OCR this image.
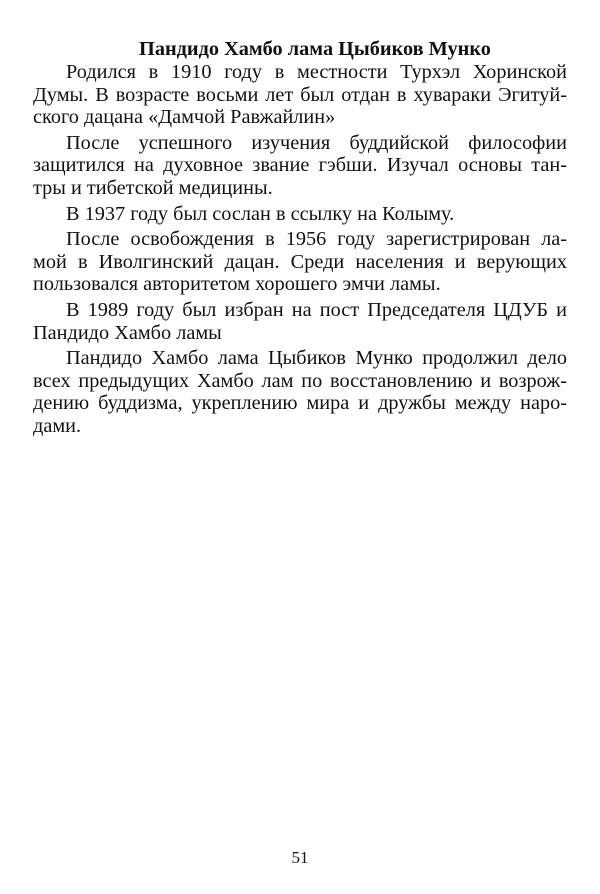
Пандидо Хамбо лама Цыбиков Мунко
Родился в 1910 году в местности Турхэл Хоринской
Думы. В возрасте восьми лет был отдан в хувараки Эгитуй-
ского дацана «Дамчой Равжайлин»
После успешного изучения буддийской философии
защитился на духовное звание гэбши. Изучал основы тан-
тры и тибетской медицины.
В 1937 году был сослан в ссылку на Колыму.
После освобождения в 1956 году зарегистрирован ла-
мой в Иволгинский дацан. Среди населения и верующих
пользовался авторитетом хорошего эмчи ламы.
В 1989 году был избран на пост Председателя ЦДУБ и
Пандидо Хамбо ламы
Пандидо Хамбо лама Цыбиков Мунко продолжил дело
всех предыдущих Хамбо лам по восстановлению и возрож-
дению буддизма, укреплению мира и дружбы между наро-
дами.
51
